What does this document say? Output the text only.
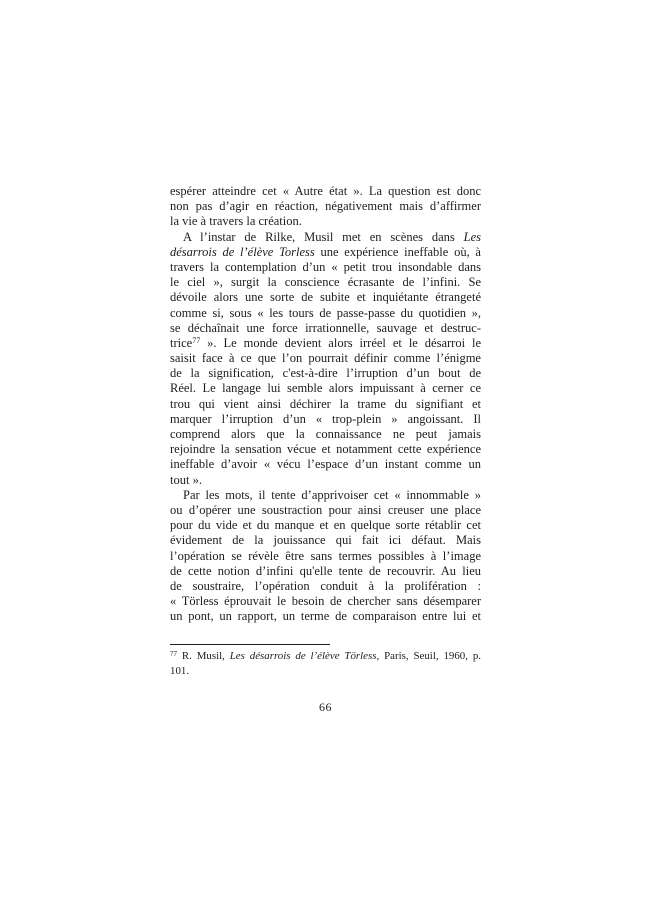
espérer atteindre cet « Autre état ». La question est donc
non pas d’agir en réaction, négativement mais d’affirmer
la vie à travers la création.
A l’instar de Rilke, Musil met en scènes dans Les
désarrois de l’élève Torless une expérience ineffable où, à
travers la contemplation d’un « petit trou insondable dans
le ciel », surgit la conscience écrasante de l’infini. Se
dévoile alors une sorte de subite et inquiétante étrangeté
comme si, sous « les tours de passe-passe du quotidien »,
se déchaînait une force irrationnelle, sauvage et destruc-
trice$^{77}$ ». Le monde devient alors irréel et le désarroi le
saisit face à ce que l’on pourrait définir comme l’énigme
de la signification, c'est-à-dire l’irruption d’un bout de
Réel. Le langage lui semble alors impuissant à cerner ce
trou qui vient ainsi déchirer la trame du signifiant et
marquer l’irruption d’un « trop-plein » angoissant. Il
comprend alors que la connaissance ne peut jamais
rejoindre la sensation vécue et notamment cette expérience
ineffable d’avoir « vécu l’espace d’un instant comme un
tout ».
Par les mots, il tente d’apprivoiser cet « innommable »
ou d’opérer une soustraction pour ainsi creuser une place
pour du vide et du manque et en quelque sorte rétablir cet
évidement de la jouissance qui fait ici défaut. Mais
l’opération se révèle être sans termes possibles à l’image
de cette notion d’infini qu'elle tente de recouvrir. Au lieu
de soustraire, l’opération conduit à la prolifération :
« Törless éprouvait le besoin de chercher sans désemparer
un pont, un rapport, un terme de comparaison entre lui et
$^{77}$ R. Musil, Les désarrois de l’élève Törless, Paris, Seuil, 1960, p.
101.
66
